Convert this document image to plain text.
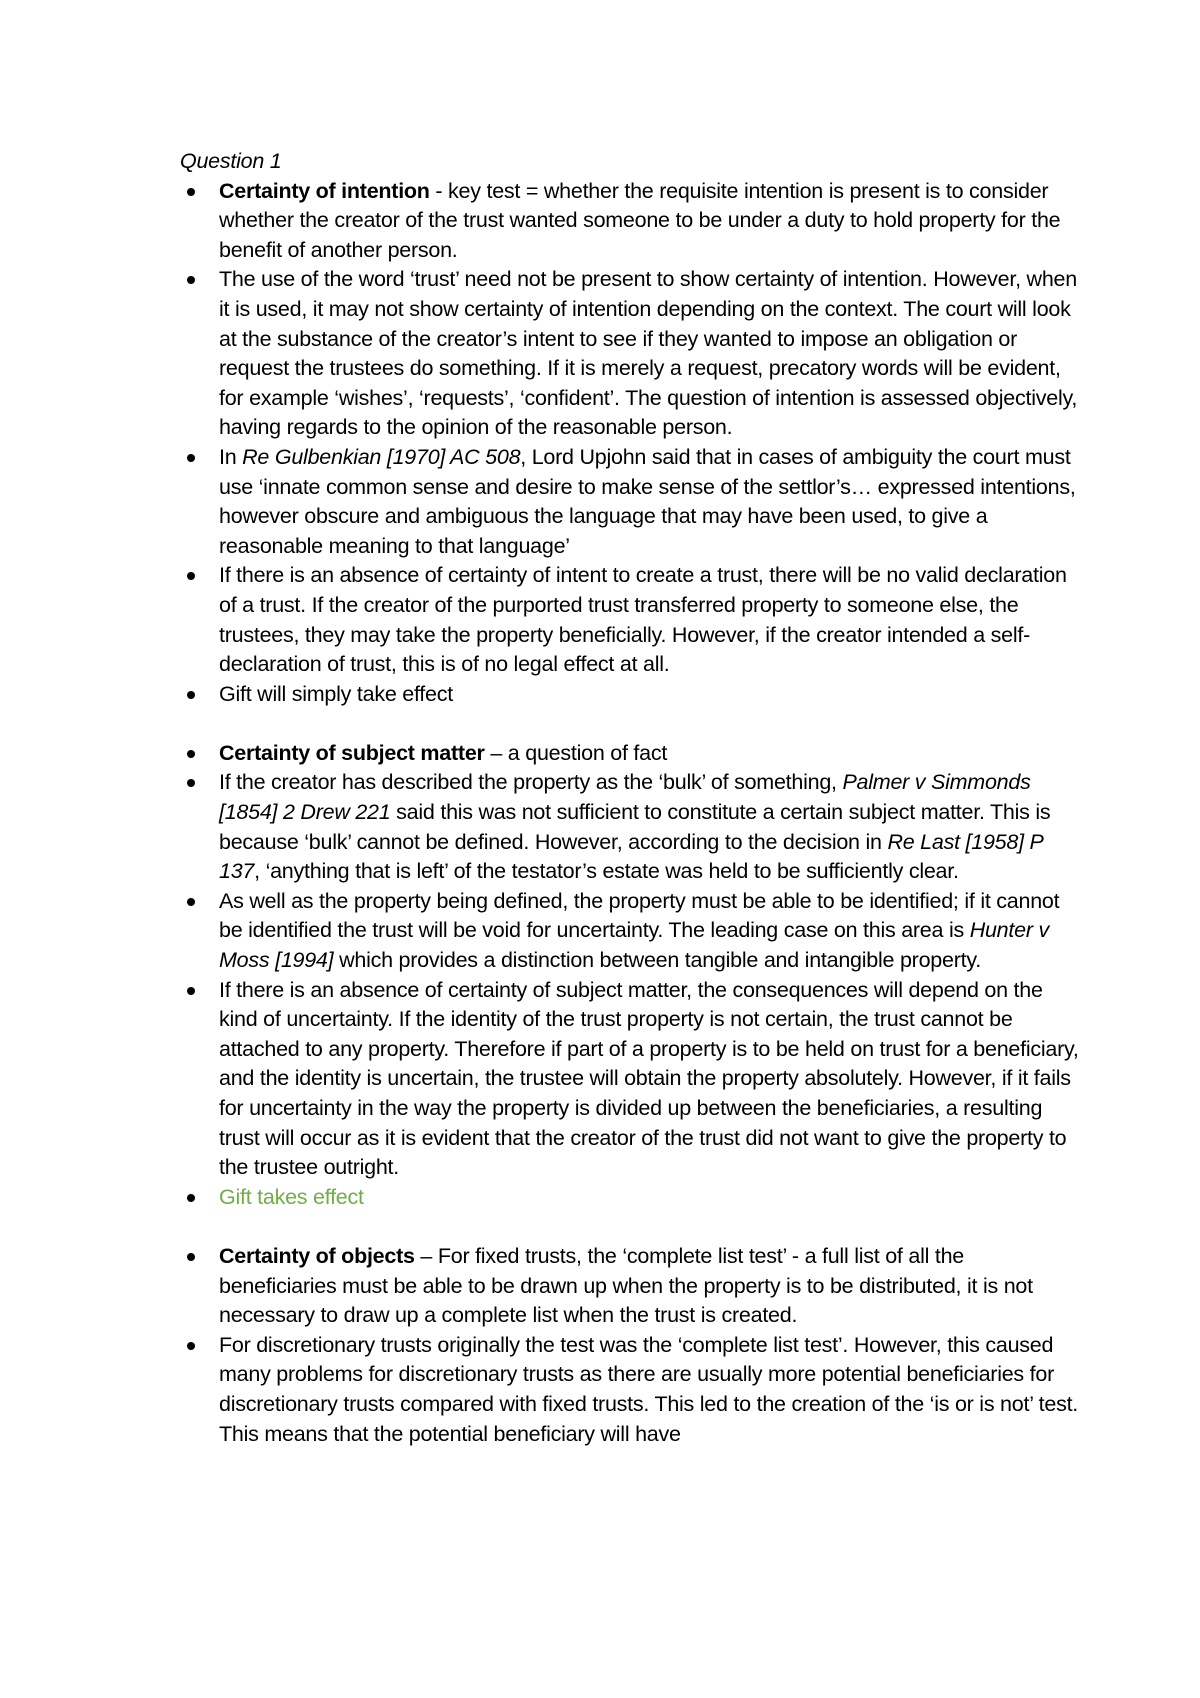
Question 1

Certainty of intention - key test = whether the requisite intention is present is to consider whether the creator of the trust wanted someone to be under a duty to hold property for the benefit of another person.
The use of the word ‘trust’ need not be present to show certainty of intention. However, when it is used, it may not show certainty of intention depending on the context. The court will look at the substance of the creator’s intent to see if they wanted to impose an obligation or request the trustees do something. If it is merely a request, precatory words will be evident, for example ‘wishes’, ‘requests’, ‘confident’. The question of intention is assessed objectively, having regards to the opinion of the reasonable person.
In Re Gulbenkian [1970] AC 508, Lord Upjohn said that in cases of ambiguity the court must use ‘innate common sense and desire to make sense of the settlor’s… expressed intentions, however obscure and ambiguous the language that may have been used, to give a reasonable meaning to that language’
If there is an absence of certainty of intent to create a trust, there will be no valid declaration of a trust. If the creator of the purported trust transferred property to someone else, the trustees, they may take the property beneficially. However, if the creator intended a self-declaration of trust, this is of no legal effect at all.
Gift will simply take effect
Certainty of subject matter – a question of fact
If the creator has described the property as the ‘bulk’ of something, Palmer v Simmonds [1854] 2 Drew 221 said this was not sufficient to constitute a certain subject matter. This is because ‘bulk’ cannot be defined. However, according to the decision in Re Last [1958] P 137, ‘anything that is left’ of the testator’s estate was held to be sufficiently clear.
As well as the property being defined, the property must be able to be identified; if it cannot be identified the trust will be void for uncertainty. The leading case on this area is Hunter v Moss [1994] which provides a distinction between tangible and intangible property.
If there is an absence of certainty of subject matter, the consequences will depend on the kind of uncertainty. If the identity of the trust property is not certain, the trust cannot be attached to any property. Therefore if part of a property is to be held on trust for a beneficiary, and the identity is uncertain, the trustee will obtain the property absolutely. However, if it fails for uncertainty in the way the property is divided up between the beneficiaries, a resulting trust will occur as it is evident that the creator of the trust did not want to give the property to the trustee outright.
Gift takes effect
Certainty of objects – For fixed trusts, the ‘complete list test’ - a full list of all the beneficiaries must be able to be drawn up when the property is to be distributed, it is not necessary to draw up a complete list when the trust is created.
For discretionary trusts originally the test was the ‘complete list test’. However, this caused many problems for discretionary trusts as there are usually more potential beneficiaries for discretionary trusts compared with fixed trusts. This led to the creation of the ‘is or is not’ test. This means that the potential beneficiary will have
